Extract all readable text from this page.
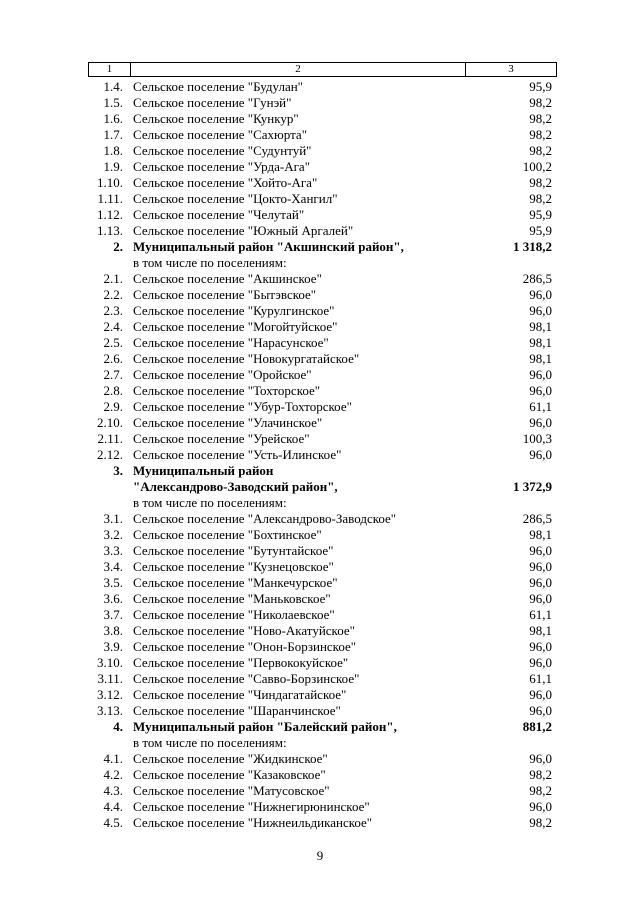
1	2	3
1.4. Сельское поселение "Будулан"	95,9
1.5. Сельское поселение "Гунэй"	98,2
1.6. Сельское поселение "Кункур"	98,2
1.7. Сельское поселение "Сахюрта"	98,2
1.8. Сельское поселение "Судунтуй"	98,2
1.9. Сельское поселение "Урда-Ага"	100,2
1.10. Сельское поселение "Хойто-Ага"	98,2
1.11. Сельское поселение "Цокто-Хангил"	98,2
1.12. Сельское поселение "Челутай"	95,9
1.13. Сельское поселение "Южный Аргалей"	95,9
2. Муниципальный район "Акшинский район",	1 318,2
в том числе по поселениям:
2.1. Сельское поселение "Акшинское"	286,5
2.2. Сельское поселение "Бытэвское"	96,0
2.3. Сельское поселение "Курулгинское"	96,0
2.4. Сельское поселение "Могойтуйское"	98,1
2.5. Сельское поселение "Нарасунское"	98,1
2.6. Сельское поселение "Новокургатайское"	98,1
2.7. Сельское поселение "Оройское"	96,0
2.8. Сельское поселение "Тохторское"	96,0
2.9. Сельское поселение "Убур-Тохторское"	61,1
2.10. Сельское поселение "Улачинское"	96,0
2.11. Сельское поселение "Урейское"	100,3
2.12. Сельское поселение "Усть-Илинское"	96,0
3. Муниципальный район
"Александрово-Заводский район",	1 372,9
в том числе по поселениям:
3.1. Сельское поселение "Александрово-Заводское"	286,5
3.2. Сельское поселение "Бохтинское"	98,1
3.3. Сельское поселение "Бутунтайское"	96,0
3.4. Сельское поселение "Кузнецовское"	96,0
3.5. Сельское поселение "Манкечурское"	96,0
3.6. Сельское поселение "Маньковское"	96,0
3.7. Сельское поселение "Николаевское"	61,1
3.8. Сельское поселение "Ново-Акатуйское"	98,1
3.9. Сельское поселение "Онон-Борзинское"	96,0
3.10. Сельское поселение "Первококуйское"	96,0
3.11. Сельское поселение "Савво-Борзинское"	61,1
3.12. Сельское поселение "Чиндагатайское"	96,0
3.13. Сельское поселение "Шаранчинское"	96,0
4. Муниципальный район "Балейский район",	881,2
в том числе по поселениям:
4.1. Сельское поселение "Жидкинское"	96,0
4.2. Сельское поселение "Казаковское"	98,2
4.3. Сельское поселение "Матусовское"	98,2
4.4. Сельское поселение "Нижнегирюнинское"	96,0
4.5. Сельское поселение "Нижнеильдиканское"	98,2
9
